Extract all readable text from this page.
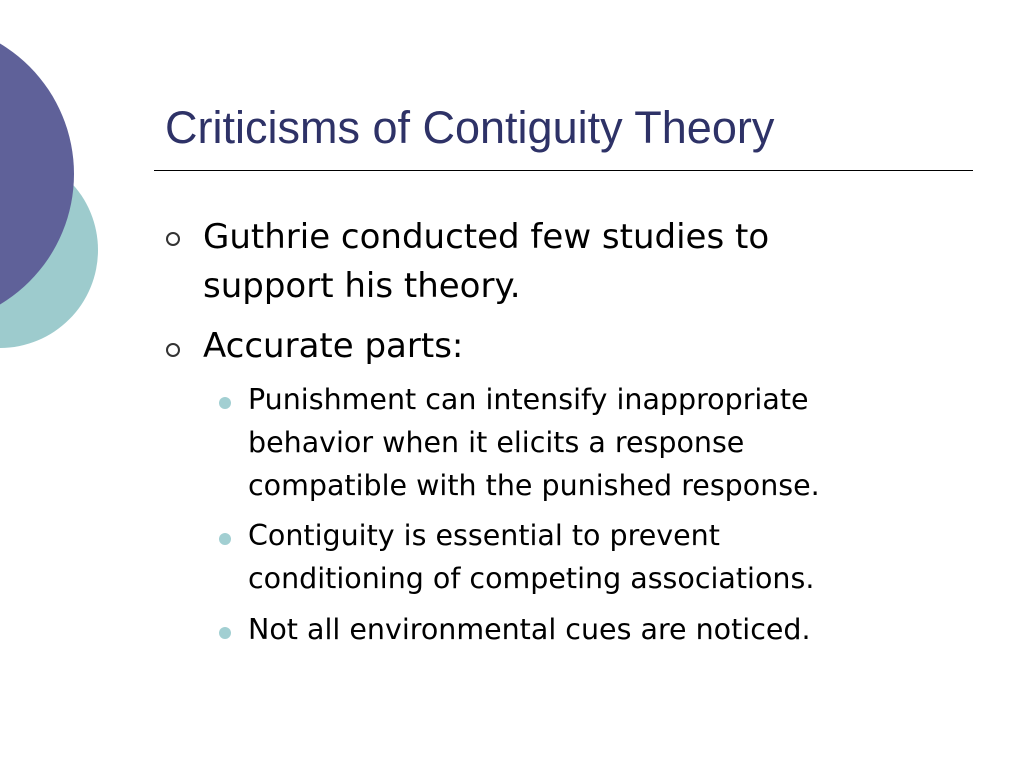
Criticisms of Contiguity Theory

Guthrie conducted few studies to

support his theory.

Accurate parts:

Punishment can intensify inappropriate

behavior when it elicits a response

compatible with the punished response.

Contiguity is essential to prevent

conditioning of competing associations.

Not all environmental cues are noticed.
